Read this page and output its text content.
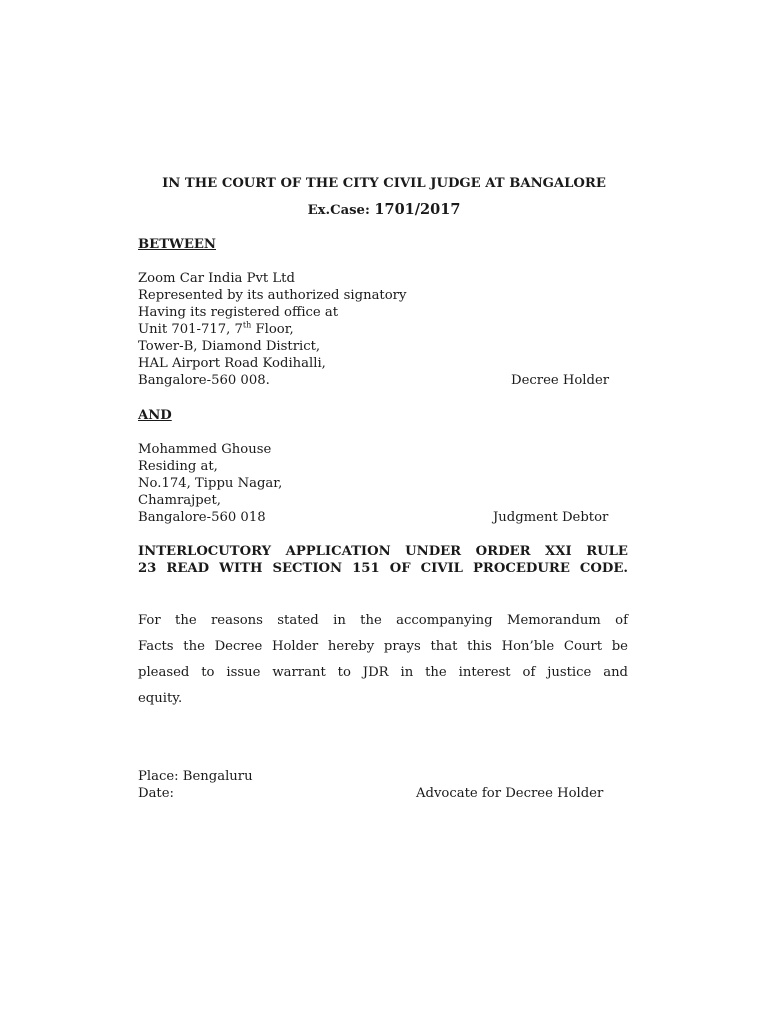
IN THE COURT OF THE CITY CIVIL JUDGE AT BANGALORE
Ex.Case: 1701/2017
BETWEEN
Zoom Car India Pvt Ltd
Represented by its authorized signatory
Having its registered office at
Unit 701-717, 7th Floor,
Tower-B, Diamond District,
HAL Airport Road Kodihalli,
Bangalore-560 008.	Decree Holder
AND
Mohammed Ghouse
Residing at,
No.174, Tippu Nagar,
Chamrajpet,
Bangalore-560 018	Judgment Debtor
INTERLOCUTORY APPLICATION UNDER ORDER XXI RULE
23 READ WITH SECTION 151 OF CIVIL PROCEDURE CODE.
For the reasons stated in the accompanying Memorandum of
Facts the Decree Holder hereby prays that this Hon’ble Court be
pleased to issue warrant to JDR in the interest of justice and
equity.
Place: Bengaluru
Date:	Advocate for Decree Holder
